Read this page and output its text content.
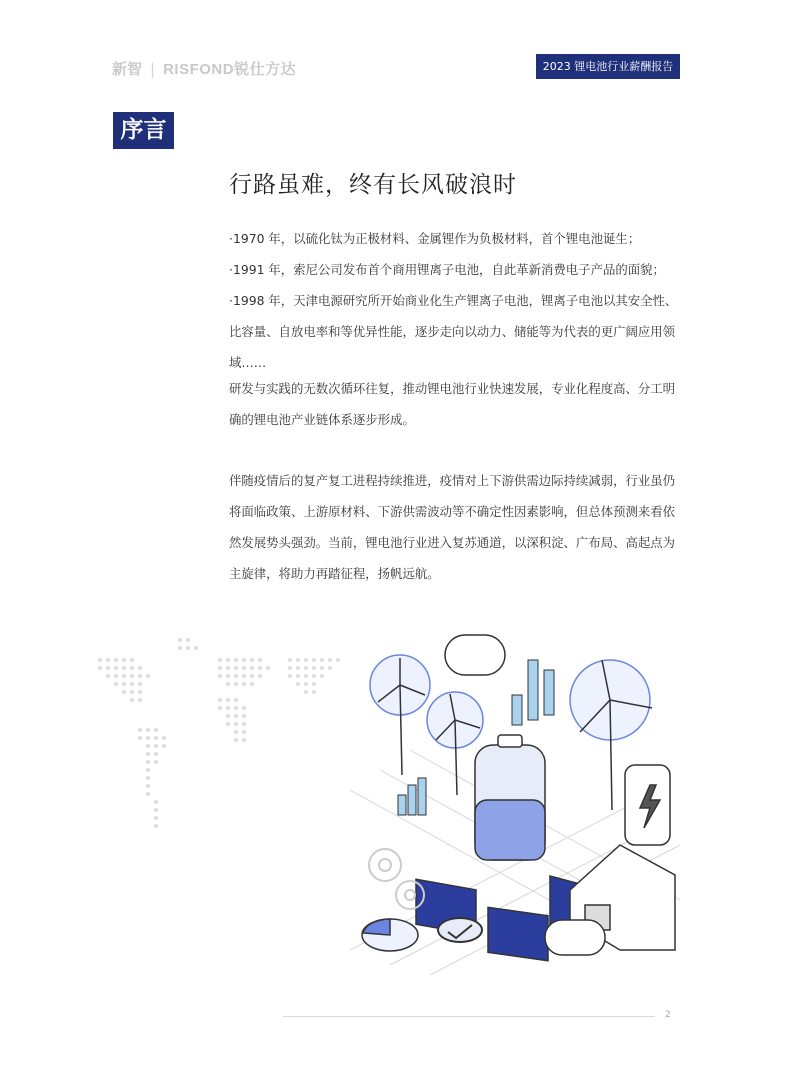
新智 | RISFOND锐仕方达	2023 锂电池行业薪酬报告
序言
行路虽难，终有长风破浪时

·1970 年，以硫化钛为正极材料、金属锂作为负极材料，首个锂电池诞生；

·1991 年，索尼公司发布首个商用锂离子电池，自此革新消费电子产品的面貌；

·1998 年，天津电源研究所开始商业化生产锂离子电池，锂离子电池以其安全性、比容量、自放电率和等优异性能，逐步走向以动力、储能等为代表的更广阔应用领域……

研发与实践的无数次循环往复，推动锂电池行业快速发展，专业化程度高、分工明确的锂电池产业链体系逐步形成。

伴随疫情后的复产复工进程持续推进，疫情对上下游供需边际持续减弱，行业虽仍将面临政策、上游原材料、下游供需波动等不确定性因素影响，但总体预测来看依然发展势头强劲。当前，锂电池行业进入复苏通道，以深积淀、广布局、高起点为主旋律，将助力再踏征程，扬帆远航。

2
